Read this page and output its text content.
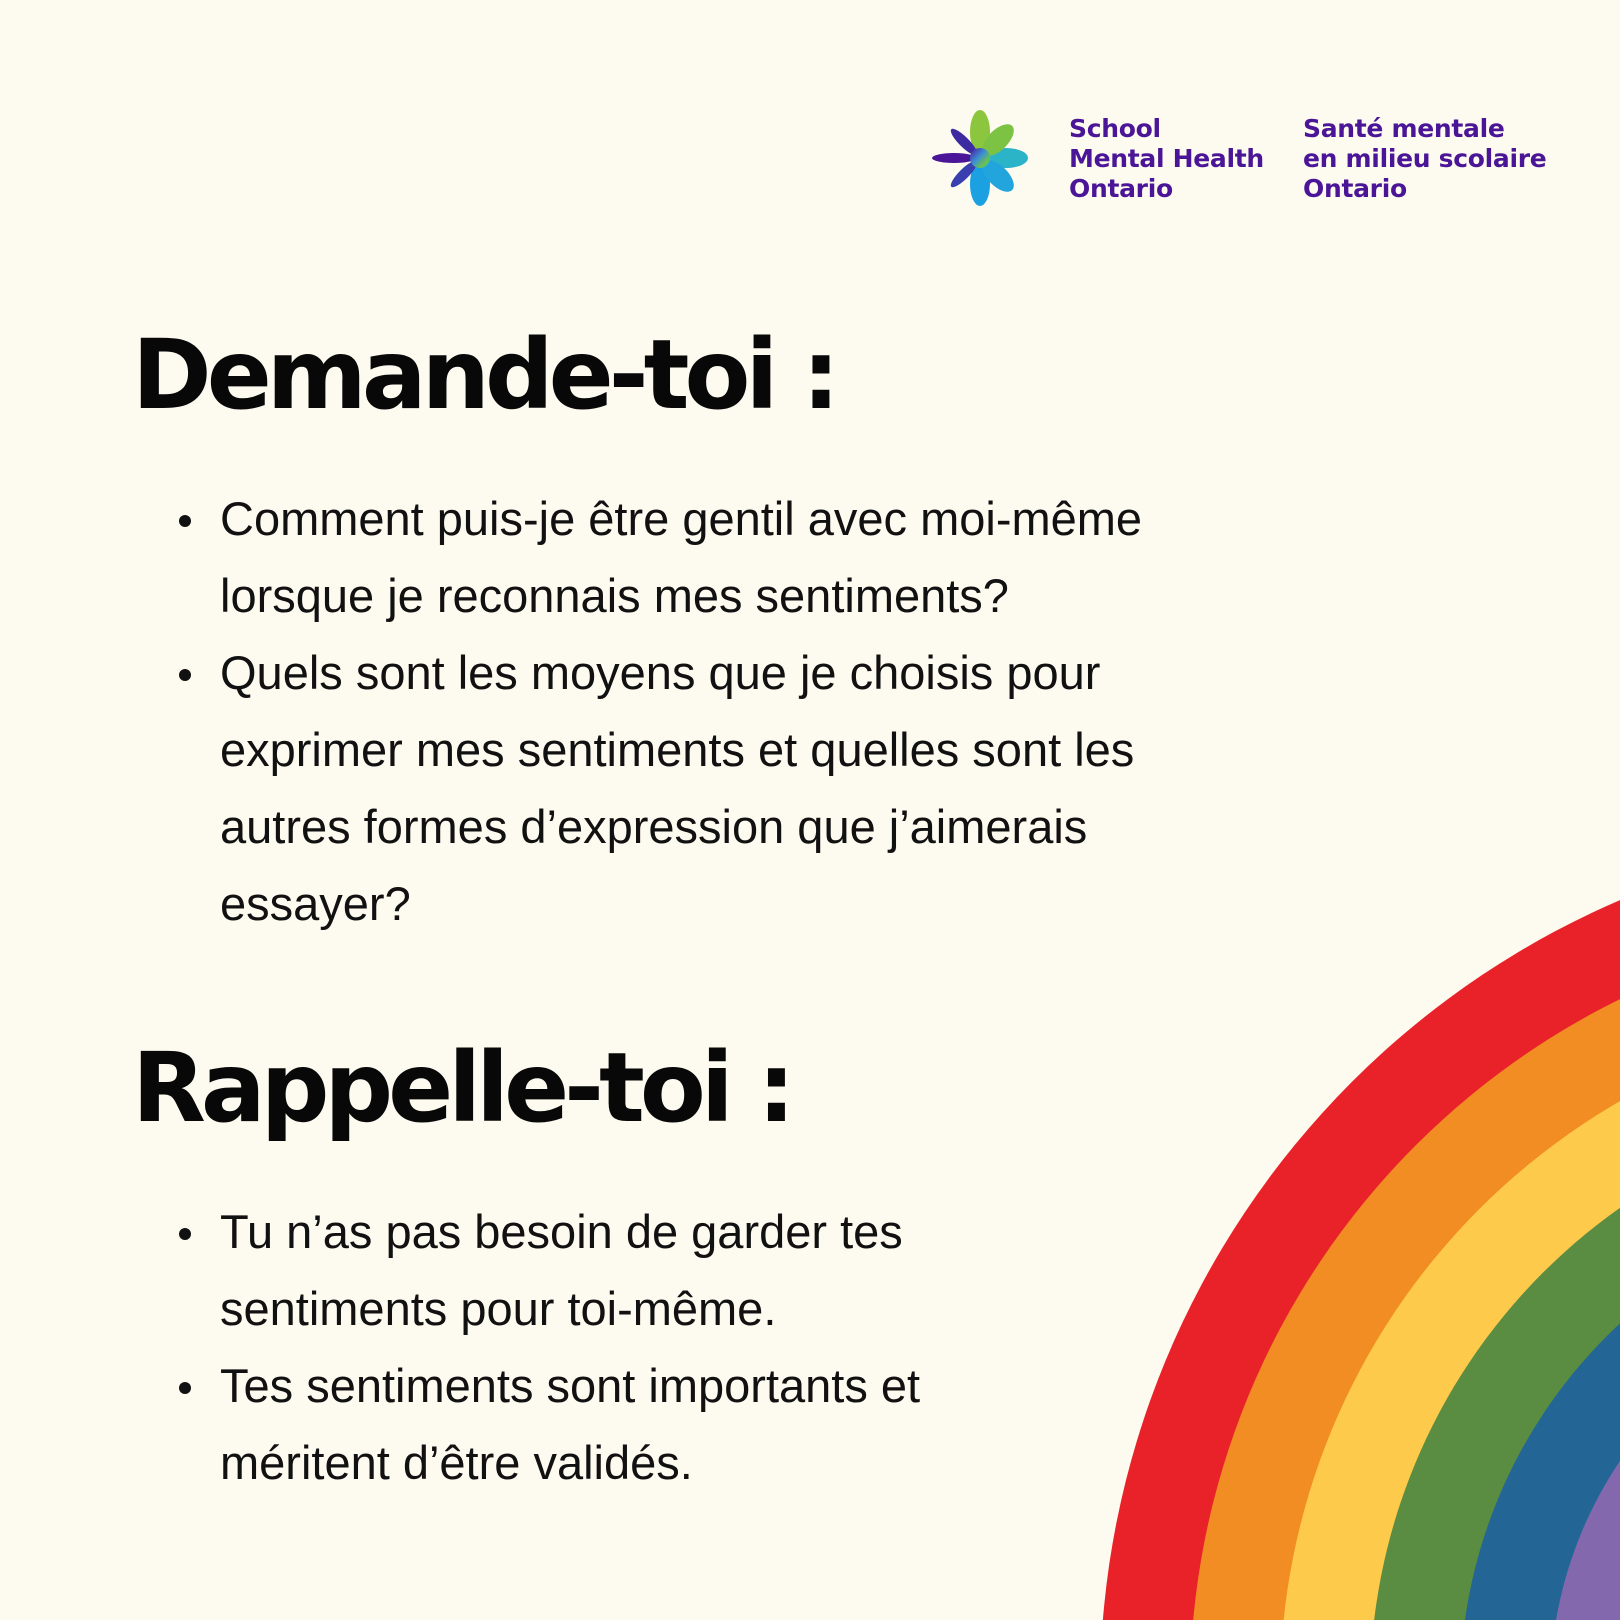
School
Mental Health
Ontario
Santé mentale
en milieu scolaire
Ontario
Demande-toi :
Comment puis-je être gentil avec moi-même lorsque je reconnais mes sentiments?
Quels sont les moyens que je choisis pour exprimer mes sentiments et quelles sont les autres formes d’expression que j’aimerais essayer?
Rappelle-toi :
Tu n’as pas besoin de garder tes sentiments pour toi-même.
Tes sentiments sont importants et méritent d’être validés.
